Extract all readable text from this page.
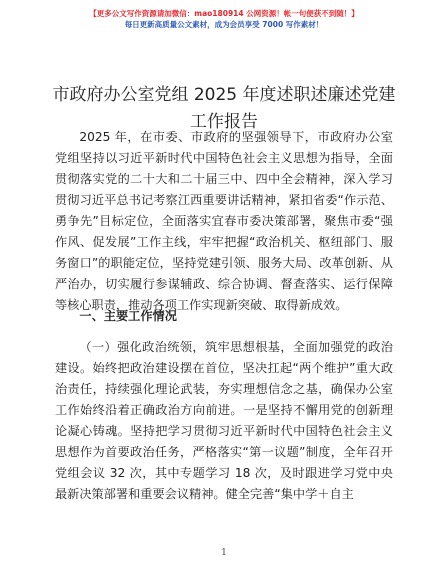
【更多公文写作资源请加微信：mao180914 公网资源！帐一句便获不到随！】
每日更新高质量公文素材，成为会员享受 7000 写作素材！
市政府办公室党组 2025 年度述职述廉述党建工作报告

2025 年，在市委、市政府的坚强领导下，市政府办公室党组坚持以习近平新时代中国特色社会主义思想为指导，全面贯彻落实党的二十大和二十届三中、四中全会精神，深入学习贯彻习近平总书记考察江西重要讲话精神，紧扣省委“作示范、勇争先”目标定位，全面落实宜春市委决策部署，聚焦市委“强作风、促发展”工作主线，牢牢把握“政治机关、枢纽部门、服务窗口”的职能定位，坚持党建引领、服务大局、改革创新、从严治办，切实履行参谋辅政、综合协调、督查落实、运行保障等核心职责，推动各项工作实现新突破、取得新成效。

一、主要工作情况

（一）强化政治统领，筑牢思想根基，全面加强党的政治建设。始终把政治建设摆在首位，坚决扛起“两个维护”重大政治责任，持续强化理论武装，夯实理想信念之基，确保办公室工作始终沿着正确政治方向前进。一是坚持不懈用党的创新理论凝心铸魂。坚持把学习贯彻习近平新时代中国特色社会主义思想作为首要政治任务，严格落实“第一议题”制度，全年召开党组会议 32 次，其中专题学习 18 次，及时跟进学习党中央最新决策部署和重要会议精神。健全完善“集中学＋自主

1
